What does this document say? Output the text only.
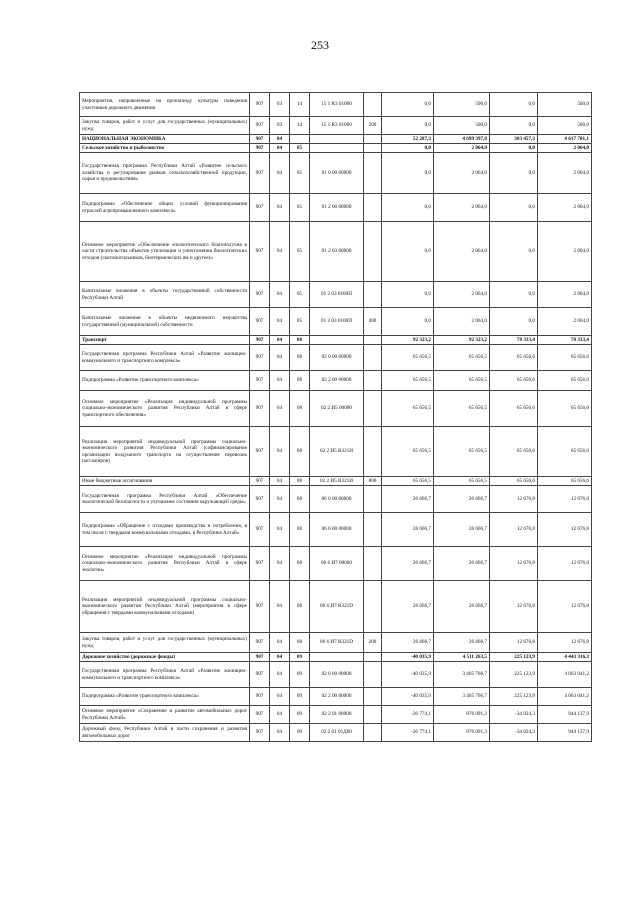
253
Мероприятия, направленные на пропаганду культуры поведения участников дорожного движения	907	03	14	15 1 R3 01000		0,0	500,0	0,0	500,0
Закупка товаров, работ и услуг для государственных (муниципальных) нужд	907	03	14	15 1 R3 01000	200	0,0	500,0	0,0	500,0
НАЦИОНАЛЬНАЯ ЭКОНОМИКА	907	04				52 287,3	4 699 397,8	303 457,3	4 617 701,1
Сельское хозяйство и рыболовство	907	04	05			0,0	2 064,0	0,0	2 064,0
Государственная программа Республики Алтай «Развитие сельского хозяйства и регулирование рынков сельскохозяйственной продукции, сырья и продовольствия»	907	04	05	01 0 00 00000		0,0	2 064,0	0,0	2 064,0
Подпрограмма «Обеспечение общих условий функционирования отраслей агропромышленного комплекса»	907	04	05	01 2 00 00000		0,0	2 064,0	0,0	2 064,0
Основное мероприятие «Обеспечение эпизоотического благополучия в части строительства объектов утилизации и уничтожения биологических отходов (скотомогильников, биотермических ям и другое)»	907	04	05	01 2 03 00000		0,0	2 064,0	0,0	2 064,0
Капитальные вложения в объекты государственной собственности Республики Алтай	907	04	05	01 2 03 0100П		0,0	2 064,0	0,0	2 064,0
Капитальные вложения в объекты недвижимого имущества государственной (муниципальной) собственности	907	04	05	01 2 03 0100П	400	0,0	2 064,0	0,0	2 064,0
Транспорт	907	04	08			92 323,2	92 323,2	78 333,4	78 333,4
Государственная программа Республики Алтай «Развитие жилищно-коммунального и транспортного комплекса»	907	04	08	02 0 00 00000		65 656,5	65 656,5	65 656,6	65 656,6
Подпрограмма «Развитие транспортного комплекса»	907	04	08	02 2 00 00000		65 656,5	65 656,5	65 656,6	65 656,6
Основное мероприятие «Реализация индивидуальной программы социально-экономического развития Республики Алтай в сфере транспортного обеспечения»	907	04	08	02 2 И5 00000		65 656,5	65 656,5	65 656,6	65 656,6
Реализация мероприятий индивидуальной программы социально-экономического развития Республики Алтай (софинансирование организации воздушного транспорта на осуществление перевозок пассажиров)	907	04	08	02 2 И5 R321И		65 656,5	65 656,5	65 656,6	65 656,6
Иные бюджетные ассигнования	907	04	08	02 2 И5 R321И	800	65 656,5	65 656,5	65 656,6	65 656,6
Государственная программа Республики Алтай «Обеспечение экологической безопасности и улучшение состояния окружающей среды»	907	04	08	06 0 00 00000		26 666,7	26 666,7	12 676,8	12 676,8
Подпрограмма «Обращение с отходами производства и потребления, в том числе с твердыми коммунальными отходами, в Республике Алтай»	907	04	08	06 6 00 00000		26 666,7	26 666,7	12 676,8	12 676,8
Основное мероприятие «Реализация индивидуальной программы социально-экономического развития Республики Алтай в сфере экологии»	907	04	08	06 6 И7 00000		26 666,7	26 666,7	12 676,8	12 676,8
Реализация мероприятий индивидуальной программы социально-экономического развития Республики Алтай (мероприятия в сфере обращения с твердыми коммунальными отходами)	907	04	08	06 6 И7 R321D		26 666,7	26 666,7	12 676,8	12 676,8
Закупка товаров, работ и услуг для государственных (муниципальных) нужд	907	04	08	06 6 И7 R321D	200	26 666,7	26 666,7	12 676,8	12 676,8
Дорожное хозяйство (дорожные фонды)	907	04	09			-40 035,9	4 511 263,5	225 123,9	4 443 316,3
Государственная программа Республики Алтай «Развитие жилищно-коммунального и транспортного комплекса»	907	04	09	02 0 00 00000		-40 035,9	3 465 766,7	225 123,9	4 063 041,2
Подпрограмма «Развитие транспортного комплекса»	907	04	09	02 2 00 00000		-40 035,9	3 465 766,7	225 123,9	4 063 041,2
Основное мероприятие «Сохранение и развитие автомобильных дорог Республики Алтай»	907	04	09	02 2 01 00000		-26 774,1	876 091,3	-34 024,3	944 137,9
Дорожный фонд Республики Алтай в части сохранения и развития автомобильных дорог	907	04	09	02 2 01 01Д00		-26 774,1	876 091,3	-34 024,3	944 137,9
